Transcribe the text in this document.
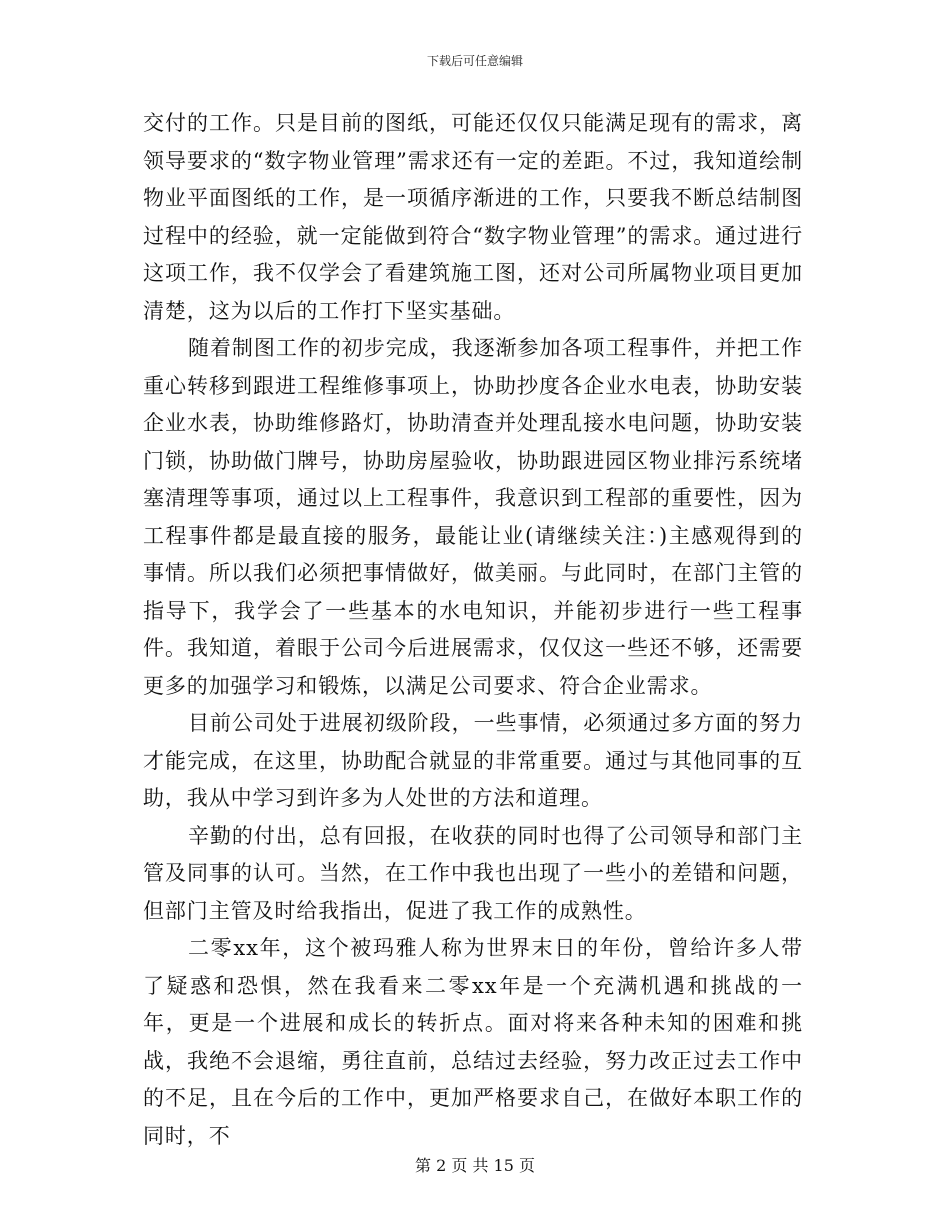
下载后可任意编辑

交付的工作。只是目前的图纸，可能还仅仅只能满足现有的需求，离领导要求的“数字物业管理”需求还有一定的差距。不过，我知道绘制物业平面图纸的工作，是一项循序渐进的工作，只要我不断总结制图过程中的经验，就一定能做到符合“数字物业管理”的需求。通过进行这项工作，我不仅学会了看建筑施工图，还对公司所属物业项目更加清楚，这为以后的工作打下坚实基础。

随着制图工作的初步完成，我逐渐参加各项工程事件，并把工作重心转移到跟进工程维修事项上，协助抄度各企业水电表，协助安装企业水表，协助维修路灯，协助清查并处理乱接水电问题，协助安装门锁，协助做门牌号，协助房屋验收，协助跟进园区物业排污系统堵塞清理等事项，通过以上工程事件，我意识到工程部的重要性，因为工程事件都是最直接的服务，最能让业(请继续关注：)主感观得到的事情。所以我们必须把事情做好，做美丽。与此同时，在部门主管的指导下，我学会了一些基本的水电知识，并能初步进行一些工程事件。我知道，着眼于公司今后进展需求，仅仅这一些还不够，还需要更多的加强学习和锻炼，以满足公司要求、符合企业需求。

目前公司处于进展初级阶段，一些事情，必须通过多方面的努力才能完成，在这里，协助配合就显的非常重要。通过与其他同事的互助，我从中学习到许多为人处世的方法和道理。

辛勤的付出，总有回报，在收获的同时也得了公司领导和部门主管及同事的认可。当然，在工作中我也出现了一些小的差错和问题，但部门主管及时给我指出，促进了我工作的成熟性。

二零xx年，这个被玛雅人称为世界末日的年份，曾给许多人带了疑惑和恐惧，然在我看来二零xx年是一个充满机遇和挑战的一年，更是一个进展和成长的转折点。面对将来各种未知的困难和挑战，我绝不会退缩，勇往直前，总结过去经验，努力改正过去工作中的不足，且在今后的工作中，更加严格要求自己，在做好本职工作的同时，不

第 2 页 共 15 页
